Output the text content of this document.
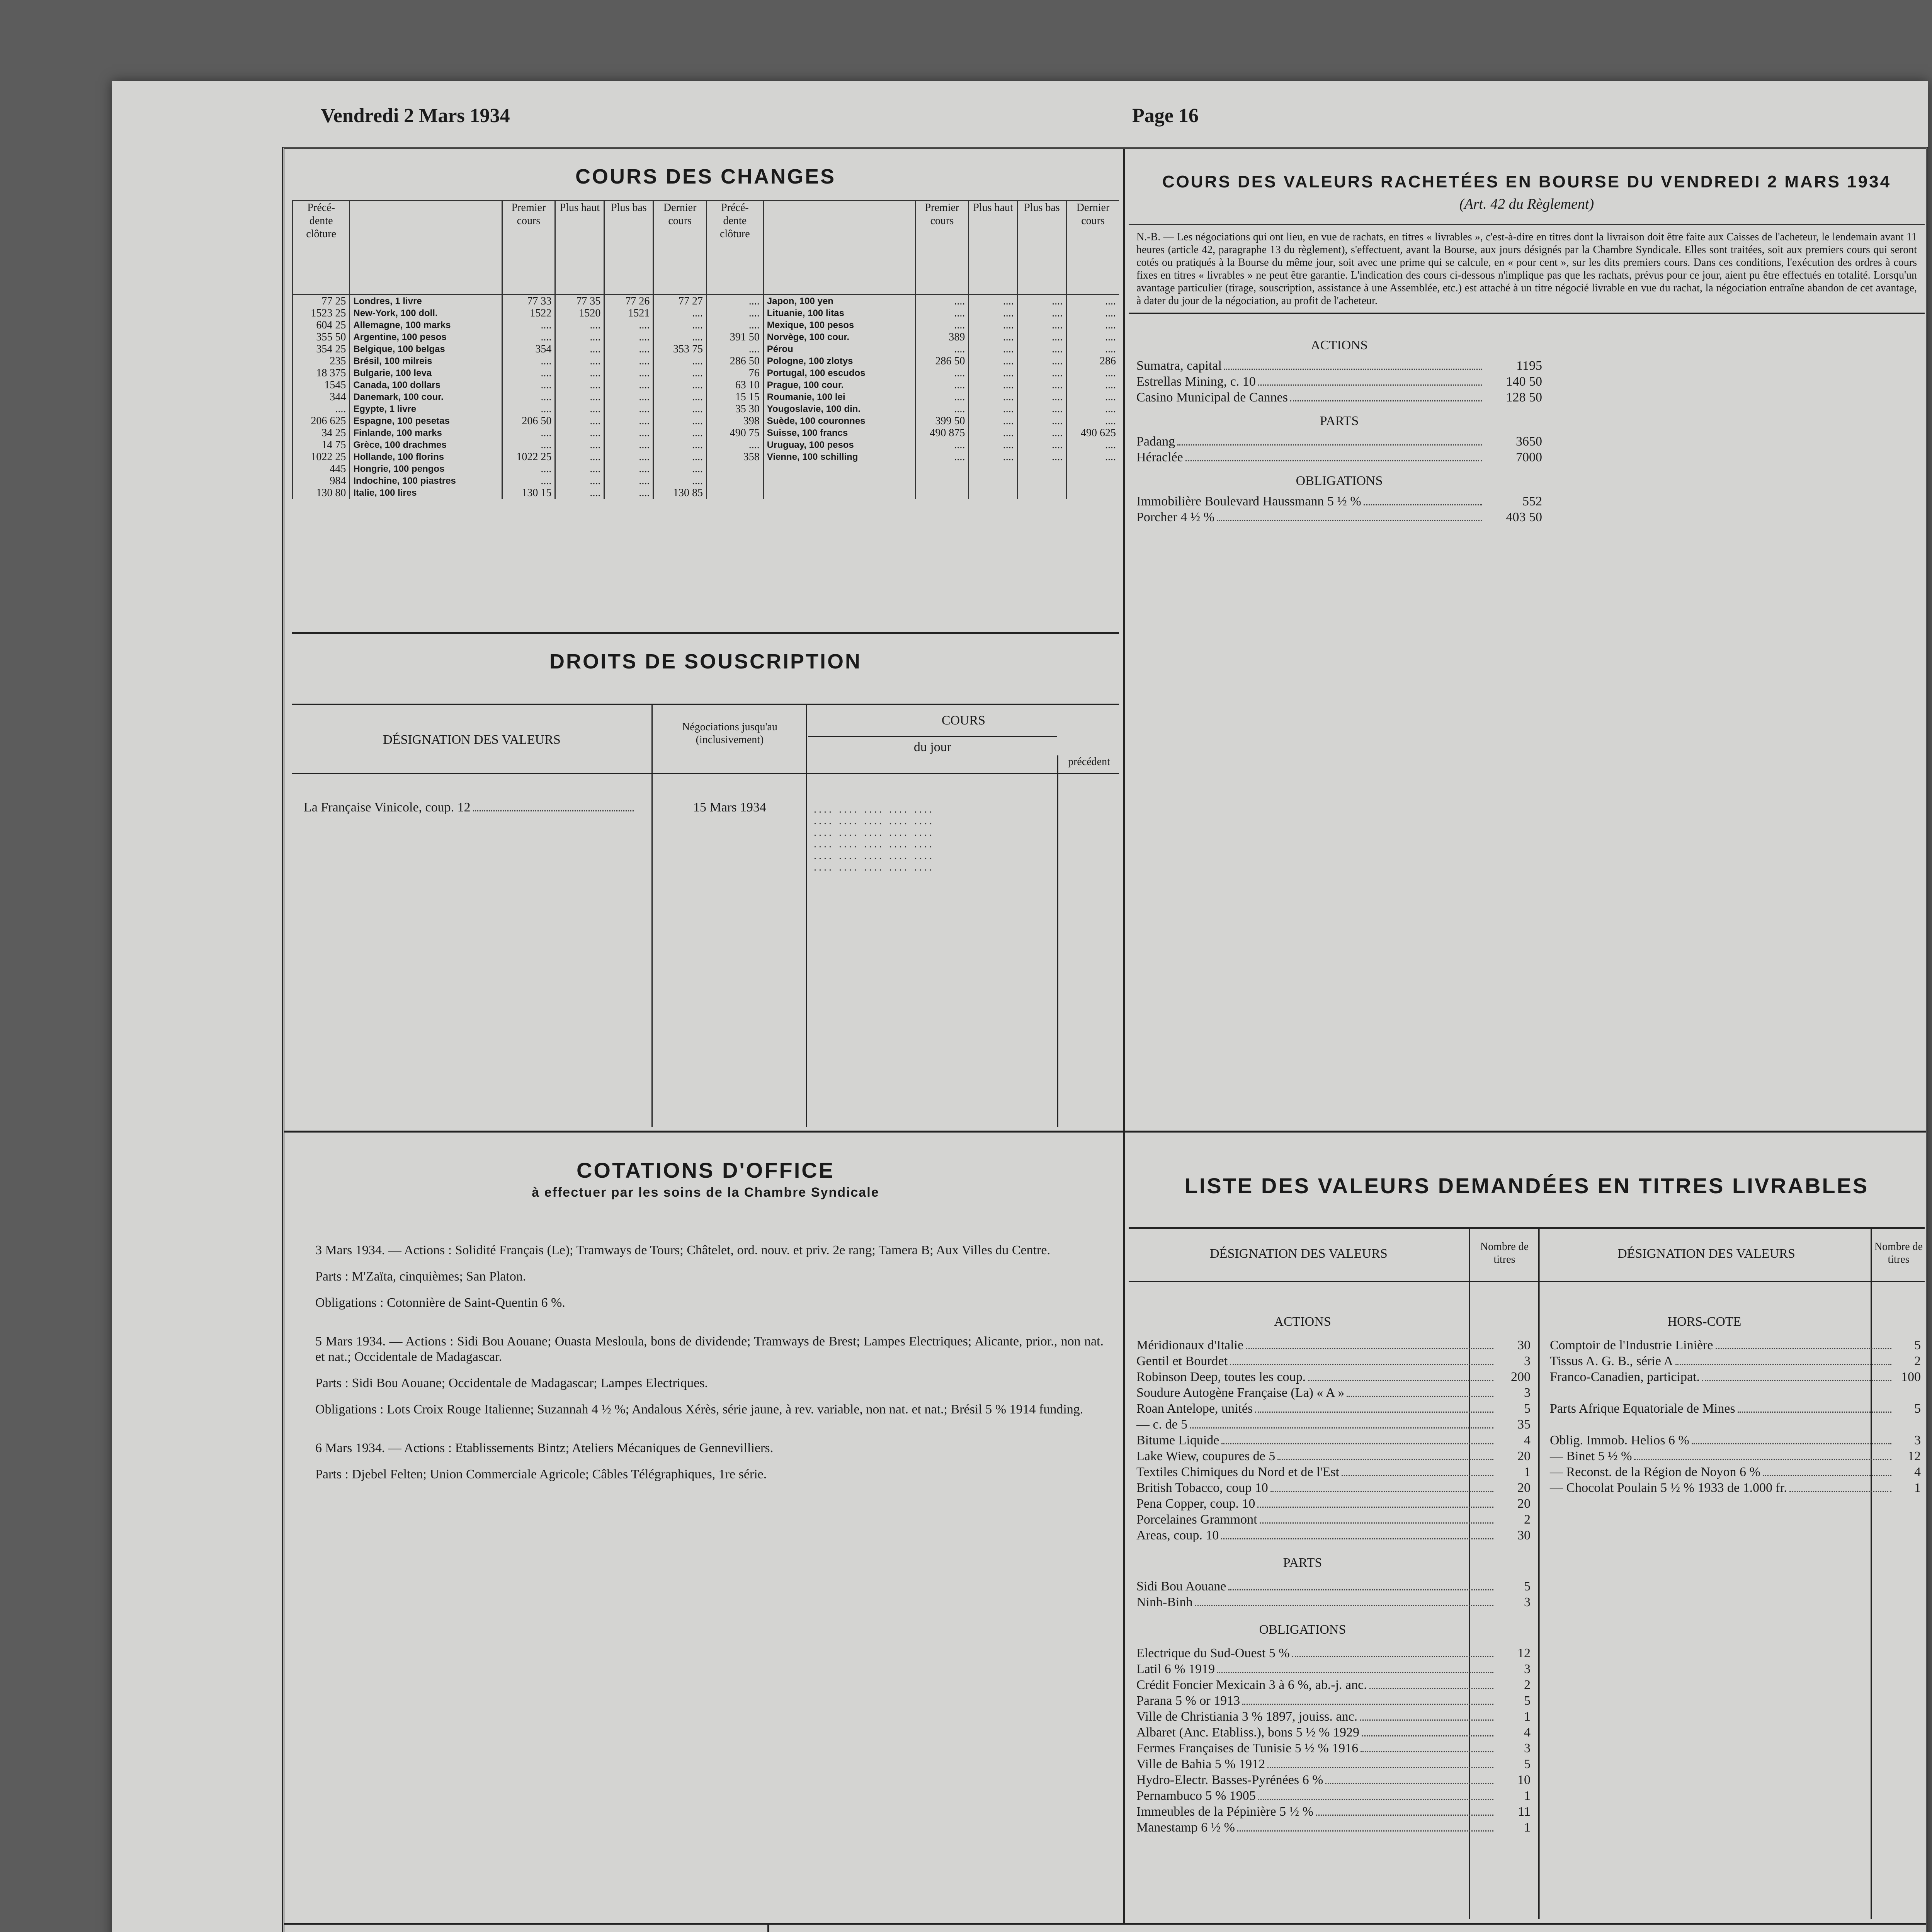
Vendredi 2 Mars 1934	Page 16
COURS DES CHANGES
Précé-dente clôture		Premier cours	Plus haut	Plus bas	Dernier cours	Précé-dente clôture		Premier cours	Plus haut	Plus bas	Dernier cours
77 25	Londres, 1 livre	77 33	77 35	77 26	77 27	....	Japon, 100 yen	....	....	....	....
1523 25	New-York, 100 doll.	1522	1520	1521	....	....	Lituanie, 100 litas	....	....	....	....
604 25	Allemagne, 100 marks	....	....	....	....	....	Mexique, 100 pesos	....	....	....	....
355 50	Argentine, 100 pesos	....	....	....	....	391 50	Norvège, 100 cour.	389	....	....	....
354 25	Belgique, 100 belgas	354	....	....	353 75	....	Pérou	....	....	....	....
235	Brésil, 100 milreis	....	....	....	....	286 50	Pologne, 100 zlotys	286 50	....	....	286
18 375	Bulgarie, 100 leva	....	....	....	....	76	Portugal, 100 escudos	....	....	....	....
1545	Canada, 100 dollars	....	....	....	....	63 10	Prague, 100 cour.	....	....	....	....
344	Danemark, 100 cour.	....	....	....	....	15 15	Roumanie, 100 lei	....	....	....	....
....	Egypte, 1 livre	....	....	....	....	35 30	Yougoslavie, 100 din.	....	....	....	....
206 625	Espagne, 100 pesetas	206 50	....	....	....	398	Suède, 100 couronnes	399 50	....	....	....
34 25	Finlande, 100 marks	....	....	....	....	490 75	Suisse, 100 francs	490 875	....	....	490 625
14 75	Grèce, 100 drachmes	....	....	....	....	....	Uruguay, 100 pesos	....	....	....	....
1022 25	Hollande, 100 florins	1022 25	....	....	....	358	Vienne, 100 schilling	....	....	....	....
445	Hongrie, 100 pengos	....	....	....	....						
984	Indochine, 100 piastres	....	....	....	....						
130 80	Italie, 100 lires	130 15	....	....	130 85						
DROITS DE SOUSCRIPTION
DÉSIGNATION DES VALEURS
Négociations jusqu'au (inclusivement)
COURS
du jour
précédent
La Française Vinicole, coup. 12	15 Mars 1934	.... .... .... .... ....
.... .... .... .... ....
.... .... .... .... ....
.... .... .... .... ....
.... .... .... .... ....
.... .... .... .... ....
COURS DES VALEURS RACHETÉES EN BOURSE DU VENDREDI 2 MARS 1934
(Art. 42 du Règlement)
N.-B. — Les négociations qui ont lieu, en vue de rachats, en titres « livrables », c'est-à-dire en titres dont la livraison doit être faite aux Caisses de l'acheteur, le lendemain avant 11 heures (article 42, paragraphe 13 du règlement), s'effectuent, avant la Bourse, aux jours désignés par la Chambre Syndicale. Elles sont traitées, soit aux premiers cours qui seront cotés ou pratiqués à la Bourse du même jour, soit avec une prime qui se calcule, en « pour cent », sur les dits premiers cours. Dans ces conditions, l'exécution des ordres à cours fixes en titres « livrables » ne peut être garantie. L'indication des cours ci-dessous n'implique pas que les rachats, prévus pour ce jour, aient pu être effectués en totalité. Lorsqu'un avantage particulier (tirage, souscription, assistance à une Assemblée, etc.) est attaché à un titre négocié livrable en vue du rachat, la négociation entraîne abandon de cet avantage, à dater du jour de la négociation, au profit de l'acheteur.
ACTIONS
Sumatra, capital	1195
Estrellas Mining, c. 10	140 50
Casino Municipal de Cannes	128 50
PARTS
Padang	3650
Héraclée	7000
OBLIGATIONS
Immobilière Boulevard Haussmann 5 ½ %	552
Porcher 4 ½ %	403 50
COTATIONS D'OFFICE
à effectuer par les soins de la Chambre Syndicale

3 Mars 1934. — Actions : Solidité Français (Le); Tramways de Tours; Châtelet, ord. nouv. et priv. 2e rang; Tamera B; Aux Villes du Centre.

Parts : M'Zaïta, cinquièmes; San Platon.

Obligations : Cotonnière de Saint-Quentin 6 %.

5 Mars 1934. — Actions : Sidi Bou Aouane; Ouasta Mesloula, bons de dividende; Tramways de Brest; Lampes Electriques; Alicante, prior., non nat. et nat.; Occidentale de Madagascar.

Parts : Sidi Bou Aouane; Occidentale de Madagascar; Lampes Electriques.

Obligations : Lots Croix Rouge Italienne; Suzannah 4 ½ %; Andalous Xérès, série jaune, à rev. variable, non nat. et nat.; Brésil 5 % 1914 funding.

6 Mars 1934. — Actions : Etablissements Bintz; Ateliers Mécaniques de Gennevilliers.

Parts : Djebel Felten; Union Commerciale Agricole; Câbles Télégraphiques, 1re série.

LISTE DES VALEURS DEMANDÉES EN TITRES LIVRABLES
DÉSIGNATION DES VALEURS	Nombre de titres	DÉSIGNATION DES VALEURS	Nombre de titres
ACTIONS
Méridionaux d'Italie	30
Gentil et Bourdet	3
Robinson Deep, toutes les coup.	200
Soudure Autogène Française (La) « A »	3
Roan Antelope, unités	5
— c. de 5	35
Bitume Liquide	4
Lake Wiew, coupures de 5	20
Textiles Chimiques du Nord et de l'Est	1
British Tobacco, coup 10	20
Pena Copper, coup. 10	20
Porcelaines Grammont	2
Areas, coup. 10	30
PARTS
Sidi Bou Aouane	5
Ninh-Binh	3
OBLIGATIONS
Electrique du Sud-Ouest 5 %	12
Latil 6 % 1919	3
Crédit Foncier Mexicain 3 à 6 %, ab.-j. anc.	2
Parana 5 % or 1913	5
Ville de Christiania 3 % 1897, jouiss. anc.	1
Albaret (Anc. Etabliss.), bons 5 ½ % 1929	4
Fermes Françaises de Tunisie 5 ½ % 1916	3
Ville de Bahia 5 % 1912	5
Hydro-Electr. Basses-Pyrénées 6 %	10
Pernambuco 5 % 1905	1
Immeubles de la Pépinière 5 ½ %	11
Manestamp 6 ½ %	1
HORS-COTE
Comptoir de l'Industrie Linière	5
Tissus A. G. B., série A	2
Franco-Canadien, participat.	100
Parts Afrique Equatoriale de Mines	5
Oblig. Immob. Helios 6 %	3
— Binet 5 ½ %	12
— Reconst. de la Région de Noyon 6 %	4
— Chocolat Poulain 5 ½ % 1933 de 1.000 fr.	1
